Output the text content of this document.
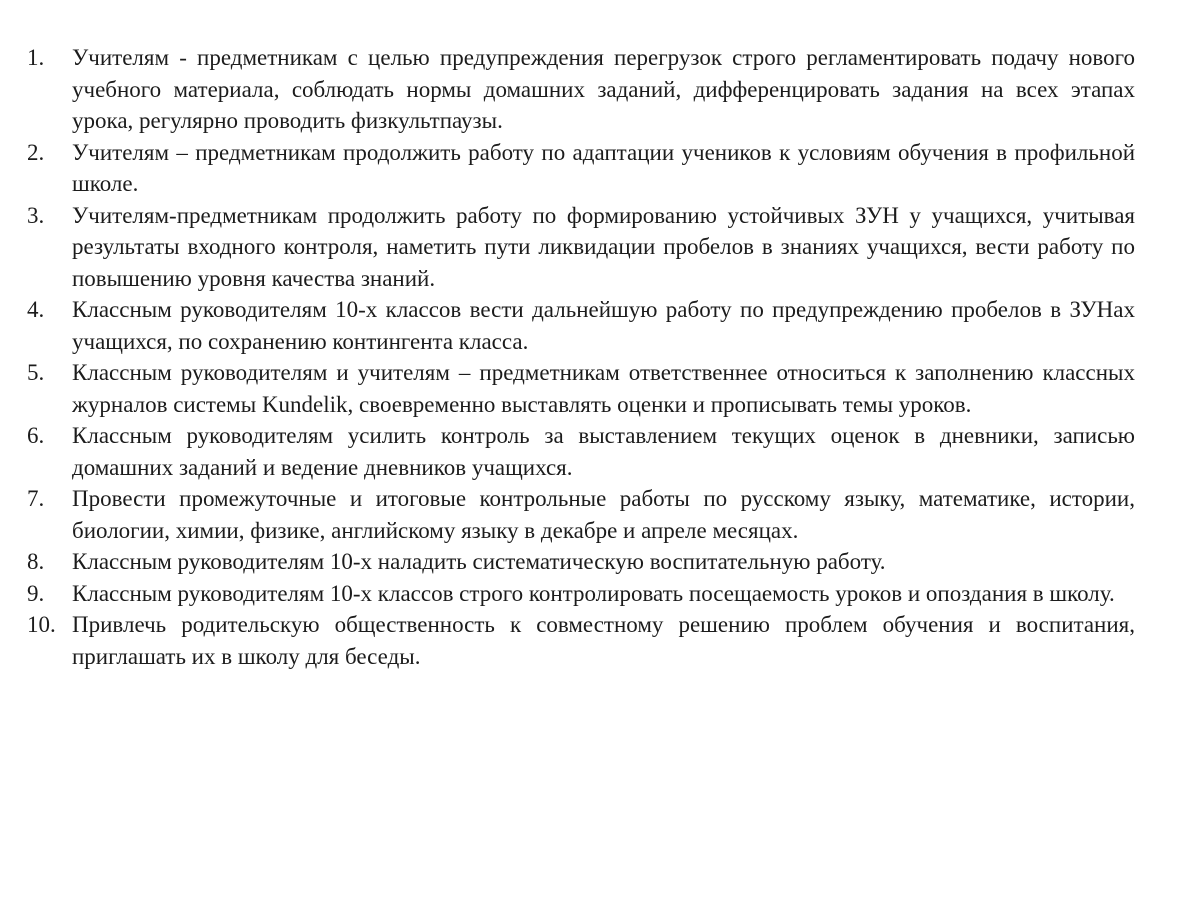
1.	Учителям - предметникам с целью предупреждения перегрузок строго регламентировать подачу нового учебного материала, соблюдать нормы домашних заданий, дифференцировать задания на всех этапах урока, регулярно проводить физкультпаузы.
2.	Учителям – предметникам продолжить работу по адаптации учеников к условиям обучения в профильной школе.
3.	Учителям-предметникам продолжить работу по формированию устойчивых ЗУН у учащихся, учитывая результаты входного контроля, наметить пути ликвидации пробелов в знаниях учащихся, вести работу по повышению уровня качества знаний.
4.	Классным руководителям 10-х классов вести дальнейшую работу по предупреждению пробелов в ЗУНах учащихся, по сохранению контингента класса.
5.	Классным руководителям и учителям – предметникам ответственнее относиться к заполнению классных журналов системы Kundelik, своевременно выставлять оценки и прописывать темы уроков.
6.	Классным руководителям усилить контроль за выставлением текущих оценок в дневники, записью домашних заданий и ведение дневников учащихся.
7.	Провести промежуточные и итоговые контрольные работы по русскому языку, математике, истории, биологии, химии, физике, английскому языку в декабре и апреле месяцах.
8.	Классным руководителям 10-х наладить систематическую воспитательную работу.
9.	Классным руководителям 10-х классов строго контролировать посещаемость уроков и опоздания в школу.
10. Привлечь родительскую общественность к совместному решению проблем обучения и воспитания, приглашать их в школу для беседы.
